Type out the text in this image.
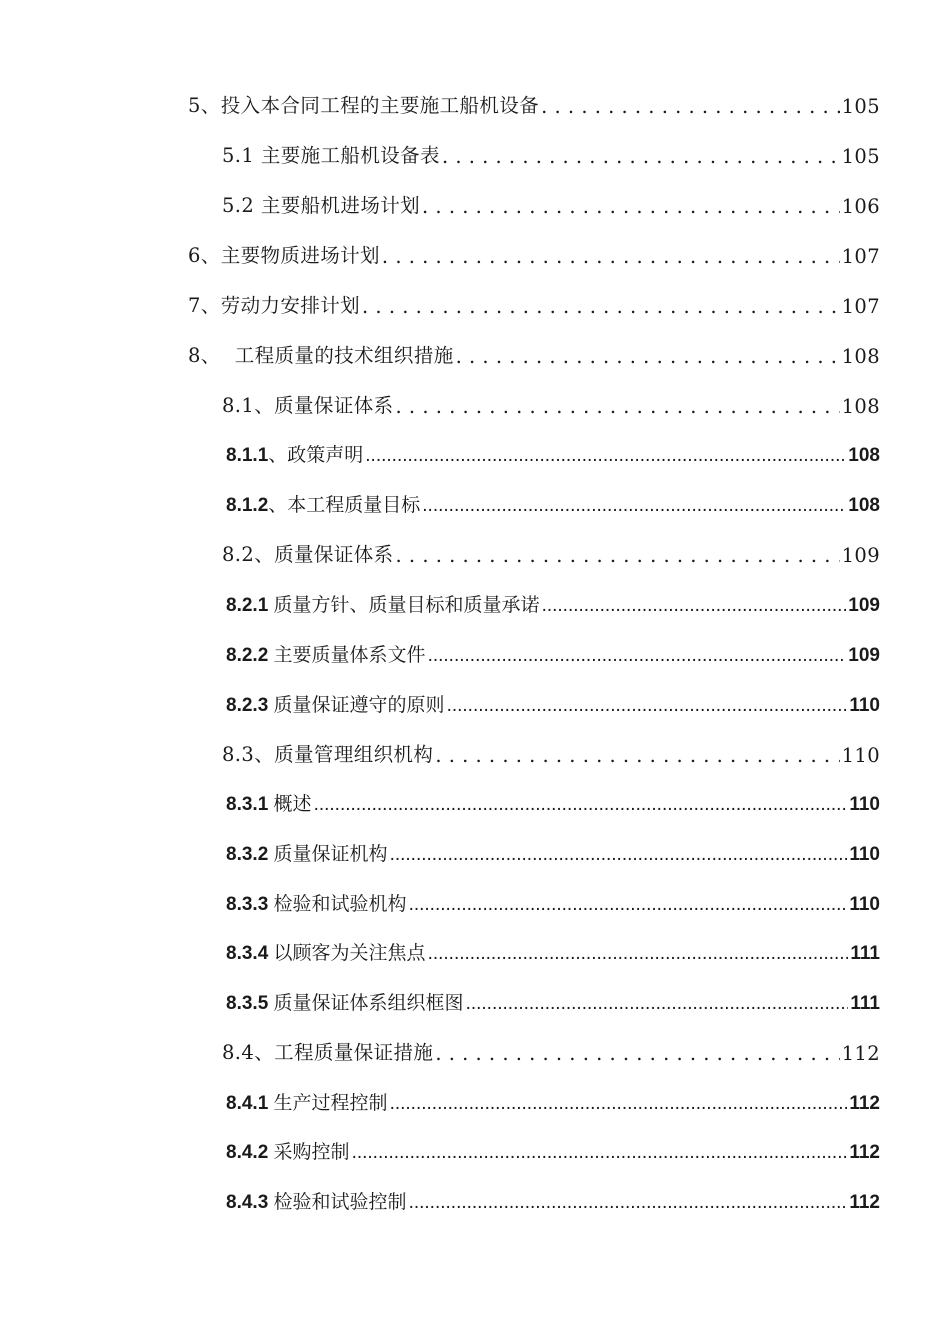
5、投入本合同工程的主要施工船机设备 . . .	105
5.1 主要施工船机设备表 . . .	105
5.2 主要船机进场计划 . . .	106
6、主要物质进场计划 . . .	107
7、劳动力安排计划 . . .	107
8、 工程质量的技术组织措施 . . .	108
8.1、质量保证体系 . . .	108
8.1.1、政策声明 .....	108
8.1.2、本工程质量目标 .....	108
8.2、质量保证体系 . . .	109
8.2.1 质量方针、质量目标和质量承诺 .....	109
8.2.2 主要质量体系文件 .....	109
8.2.3 质量保证遵守的原则 .....	110
8.3、质量管理组织机构 . . .	110
8.3.1 概述 .....	110
8.3.2 质量保证机构 .....	110
8.3.3 检验和试验机构 .....	110
8.3.4 以顾客为关注焦点 .....	111
8.3.5 质量保证体系组织框图 .....	111
8.4、工程质量保证措施 . . .	112
8.4.1 生产过程控制 .....	112
8.4.2 采购控制 .....	112
8.4.3 检验和试验控制 .....	112
